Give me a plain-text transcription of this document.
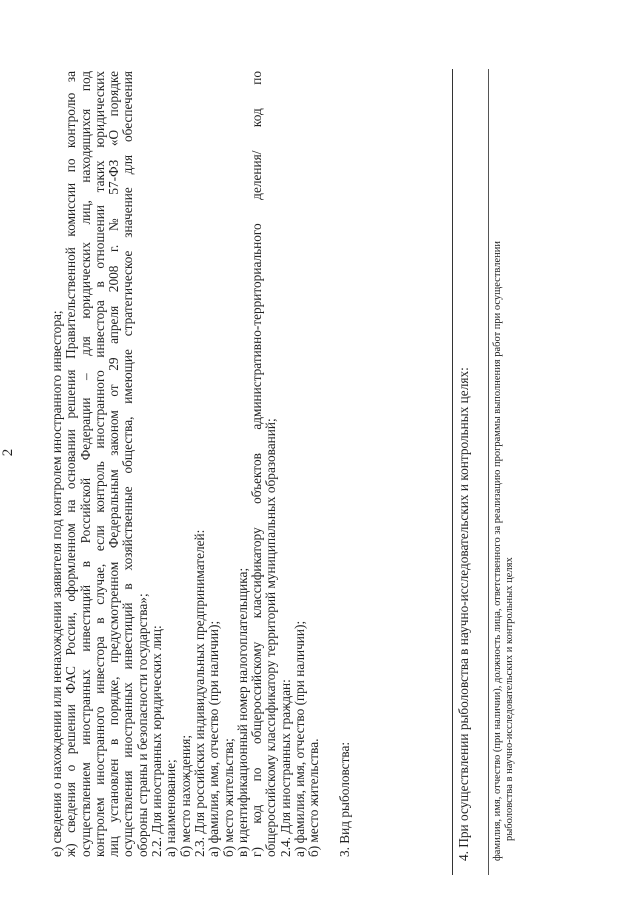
2 е) сведения о нахождении или ненахождении заявителя под контролем иностранного инвестора; ж) сведения о решении ФАС России, оформленном на основании решения Правительственной комиссии по контролю за осуществлением иностранных инвестиций в Российской Федерации – для юридических лиц, находящихся под контролем иностранного инвестора в случае, если контроль иностранного инвестора в отношении таких юридических лиц установлен в порядке, предусмотренном Федеральным законом от 29 апреля 2008 г. № 57-ФЗ «О порядке осуществления иностранных инвестиций в хозяйственные общества, имеющие стратегическое значение для обеспечения обороны страны и безопасности государства»; 2.2. Для иностранных юридических лиц: а) наименование; б) место нахождения; 2.3. Для российских индивидуальных предпринимателей: а) фамилия, имя, отчество (при наличии); б) место жительства; в) идентификационный номер налогоплательщика; г) код по общероссийскому классификатору объектов административно-территориального деления/ код по общероссийскому классификатору территорий муниципальных образований; 2.4. Для иностранных граждан: а) фамилия, имя, отчество (при наличии); б) место жительства. 3. Вид рыболовства:	4. При осуществлении рыболовства в научно-исследовательских и контрольных целях: фамилия, имя, отчество (при наличии), должность лица, ответственного за реализацию программы выполнения работ при осуществлении рыболовства в научно-исследовательских и контрольных целях
